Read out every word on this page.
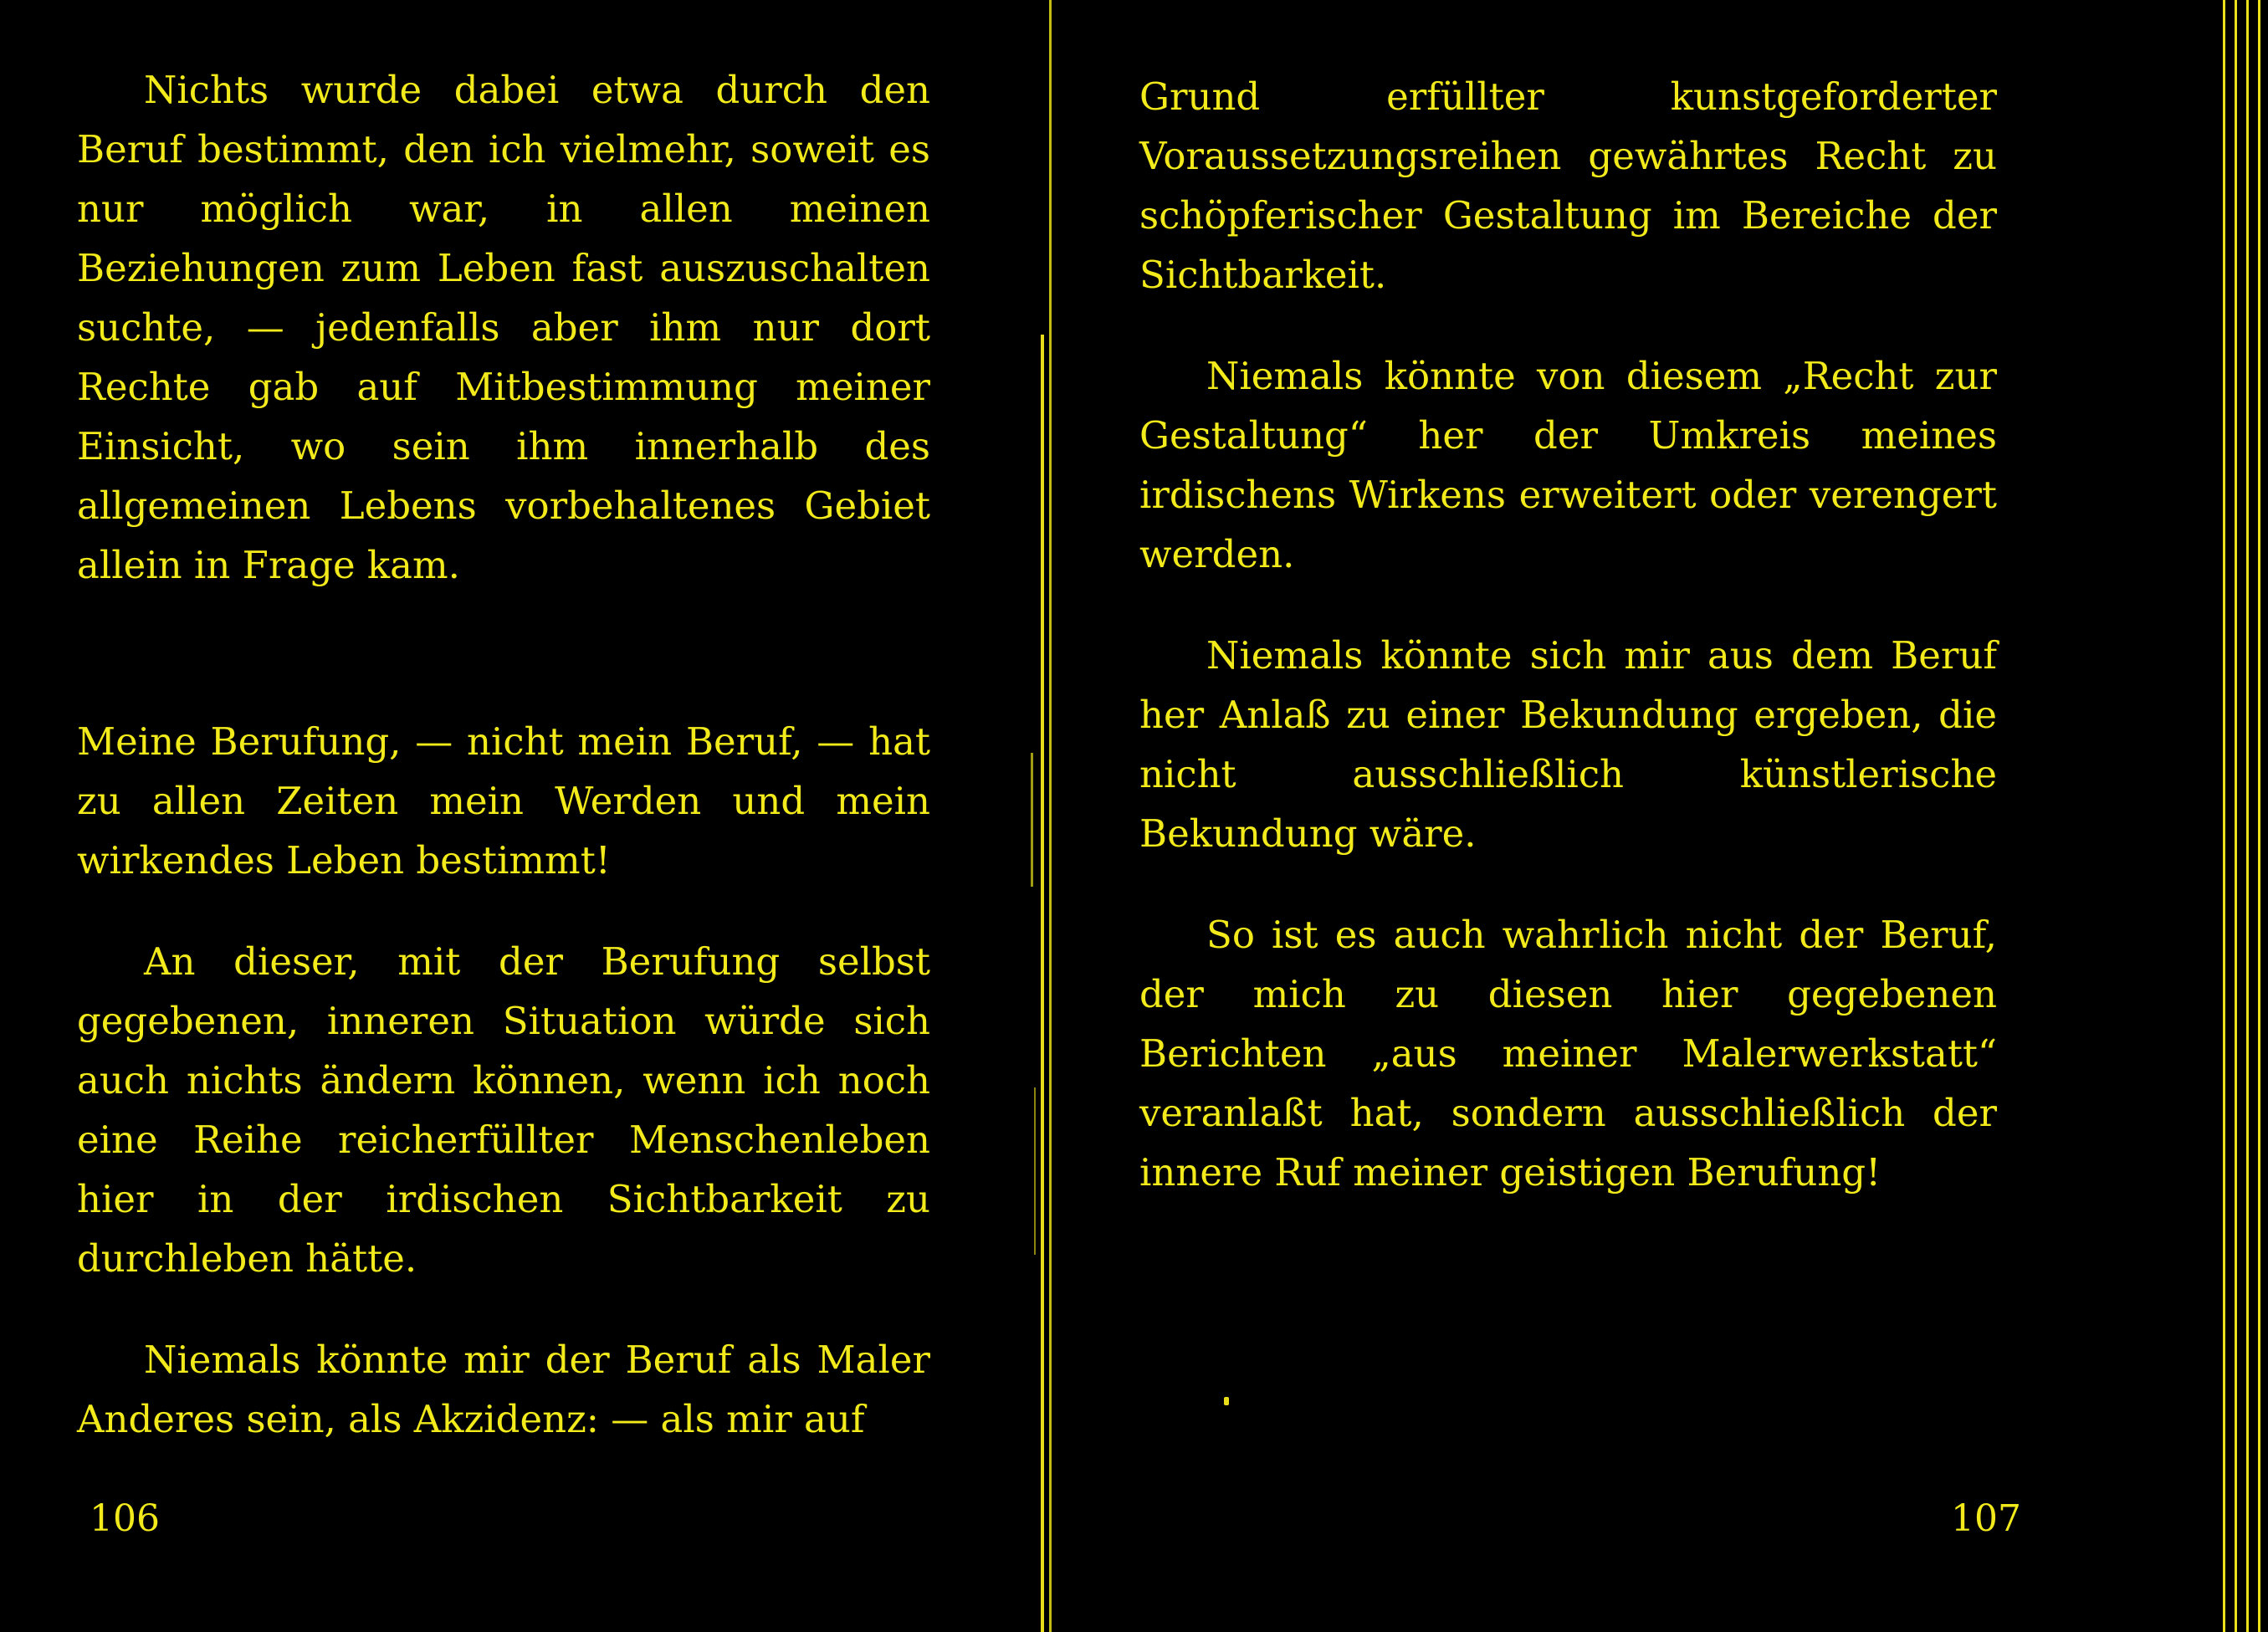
Nichts wurde dabei etwa durch den Beruf bestimmt, den ich vielmehr, soweit es nur möglich war, in allen meinen Beziehungen zum Leben fast auszuschalten suchte, — jedenfalls aber ihm nur dort Rechte gab auf Mitbestimmung meiner Einsicht, wo sein ihm innerhalb des allgemeinen Lebens vorbehaltenes Gebiet allein in Frage kam.

Meine Berufung, — nicht mein Beruf, — hat zu allen Zeiten mein Werden und mein wirkendes Leben bestimmt!

An dieser, mit der Berufung selbst gegebenen, inneren Situation würde sich auch nichts ändern können, wenn ich noch eine Reihe reicherfüllter Menschenleben hier in der irdischen Sichtbarkeit zu durchleben hätte.

Niemals könnte mir der Beruf als Maler Anderes sein, als Akzidenz: — als mir auf

106

Grund erfüllter kunstgeforderter Voraussetzungsreihen gewährtes Recht zu schöpferischer Gestaltung im Bereiche der Sichtbarkeit.

Niemals könnte von diesem „Recht zur Gestaltung“ her der Umkreis meines irdischens Wirkens erweitert oder verengert werden.

Niemals könnte sich mir aus dem Beruf her Anlaß zu einer Bekundung ergeben, die nicht ausschließlich künstlerische Bekundung wäre.

So ist es auch wahrlich nicht der Beruf, der mich zu diesen hier gegebenen Berichten „aus meiner Malerwerkstatt“ veranlaßt hat, sondern ausschließlich der innere Ruf meiner geistigen Berufung!

107
